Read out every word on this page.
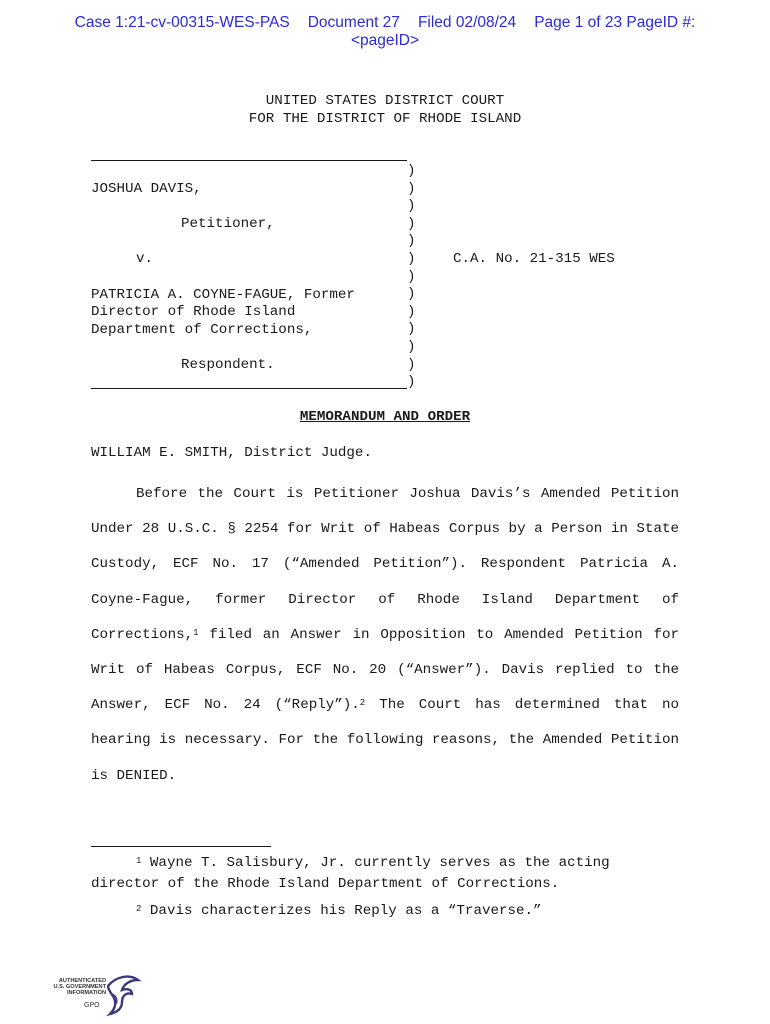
Case 1:21-cv-00315-WES-PAS Document 27 Filed 02/08/24 Page 1 of 23 PageID #:
<pageID>
UNITED STATES DISTRICT COURT
FOR THE DISTRICT OF RHODE ISLAND
JOSHUA DAVIS,
Petitioner,
v.
PATRICIA A. COYNE-FAGUE, Former
Director of Rhode Island
Department of Corrections,
Respondent.
)
)
)
)
)
)
)
)
)
)
)
)
)
C.A. No. 21-315 WES
MEMORANDUM AND ORDER
WILLIAM E. SMITH, District Judge.

Before the Court is Petitioner Joshua Davis’s Amended Petition Under 28 U.S.C. § 2254 for Writ of Habeas Corpus by a Person in State Custody, ECF No. 17 (“Amended Petition”). Respondent Patricia A. Coyne-Fague, former Director of Rhode Island Department of Corrections,$^1$ filed an Answer in Opposition to Amended Petition for Writ of Habeas Corpus, ECF No. 20 (“Answer”). Davis replied to the Answer, ECF No. 24 (“Reply”).$^2$ The Court has determined that no hearing is necessary. For the following reasons, the Amended Petition is DENIED.

$^1$ Wayne T. Salisbury, Jr. currently serves as the acting director of the Rhode Island Department of Corrections.

$^2$ Davis characterizes his Reply as a “Traverse.”

AUTHENTICATED
U.S. GOVERNMENT
INFORMATION
GPO
